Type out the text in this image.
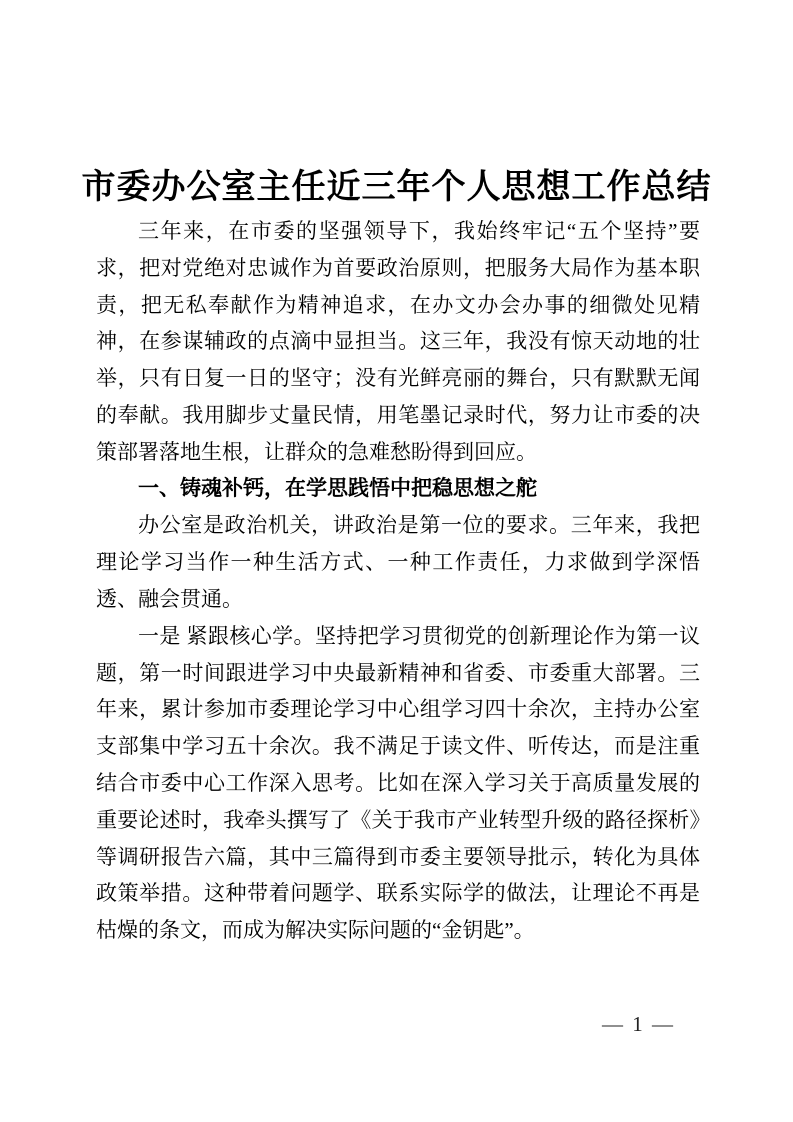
市委办公室主任近三年个人思想工作总结

三年来，在市委的坚强领导下，我始终牢记“五个坚持”要求，把对党绝对忠诚作为首要政治原则，把服务大局作为基本职责，把无私奉献作为精神追求，在办文办会办事的细微处见精神，在参谋辅政的点滴中显担当。这三年，我没有惊天动地的壮举，只有日复一日的坚守；没有光鲜亮丽的舞台，只有默默无闻的奉献。我用脚步丈量民情，用笔墨记录时代，努力让市委的决策部署落地生根，让群众的急难愁盼得到回应。

一、铸魂补钙，在学思践悟中把稳思想之舵

办公室是政治机关，讲政治是第一位的要求。三年来，我把理论学习当作一种生活方式、一种工作责任，力求做到学深悟透、融会贯通。

一是 紧跟核心学。坚持把学习贯彻党的创新理论作为第一议题，第一时间跟进学习中央最新精神和省委、市委重大部署。三年来，累计参加市委理论学习中心组学习四十余次，主持办公室支部集中学习五十余次。我不满足于读文件、听传达，而是注重结合市委中心工作深入思考。比如在深入学习关于高质量发展的重要论述时，我牵头撰写了《关于我市产业转型升级的路径探析》等调研报告六篇，其中三篇得到市委主要领导批示，转化为具体政策举措。这种带着问题学、联系实际学的做法，让理论不再是枯燥的条文，而成为解决实际问题的“金钥匙”。

— 1 —
